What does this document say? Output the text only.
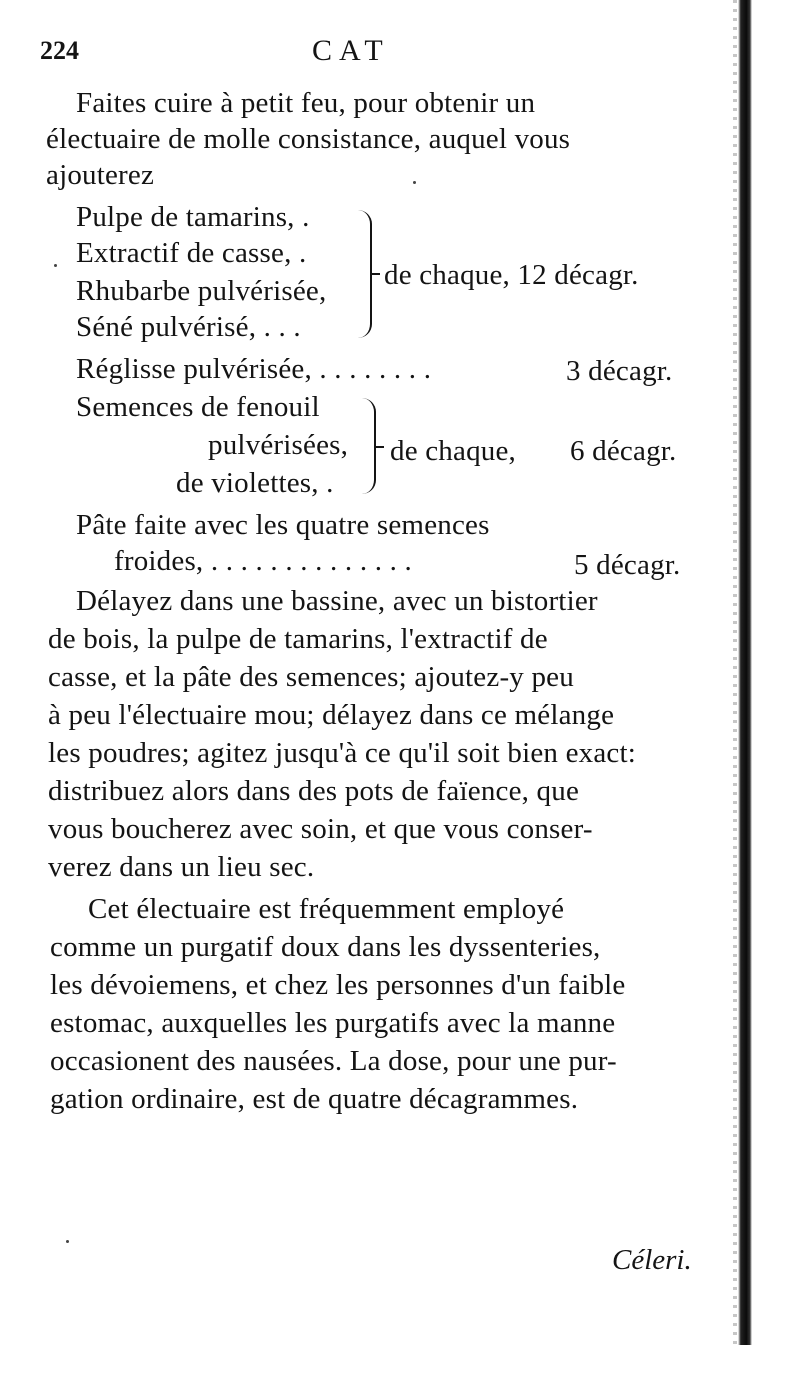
224	CAT
Faites cuire à petit feu, pour obtenir un
électuaire de molle consistance, auquel vous
ajouterez
Pulpe de tamarins, .
Extractif de casse, .
Rhubarbe pulvérisée,
Séné pulvérisé, . . .
de chaque, 12 décagr.
Réglisse pulvérisée, . . . . . . . .	3 décagr.
Semences de fenouil
pulvérisées,
de violettes, .
de chaque, 6 décagr.
Pâte faite avec les quatre semences
froides, . . . . . . . . . . . . . .	5 décagr.
Délayez dans une bassine, avec un bistortier
de bois, la pulpe de tamarins, l'extractif de
casse, et la pâte des semences; ajoutez-y peu
à peu l'électuaire mou; délayez dans ce mélange
les poudres; agitez jusqu'à ce qu'il soit bien exact:
distribuez alors dans des pots de faïence, que
vous boucherez avec soin, et que vous conser-
verez dans un lieu sec.
Cet électuaire est fréquemment employé
comme un purgatif doux dans les dyssenteries,
les dévoiemens, et chez les personnes d'un faible
estomac, auxquelles les purgatifs avec la manne
occasionent des nausées. La dose, pour une pur-
gation ordinaire, est de quatre décagrammes.
Céleri.
